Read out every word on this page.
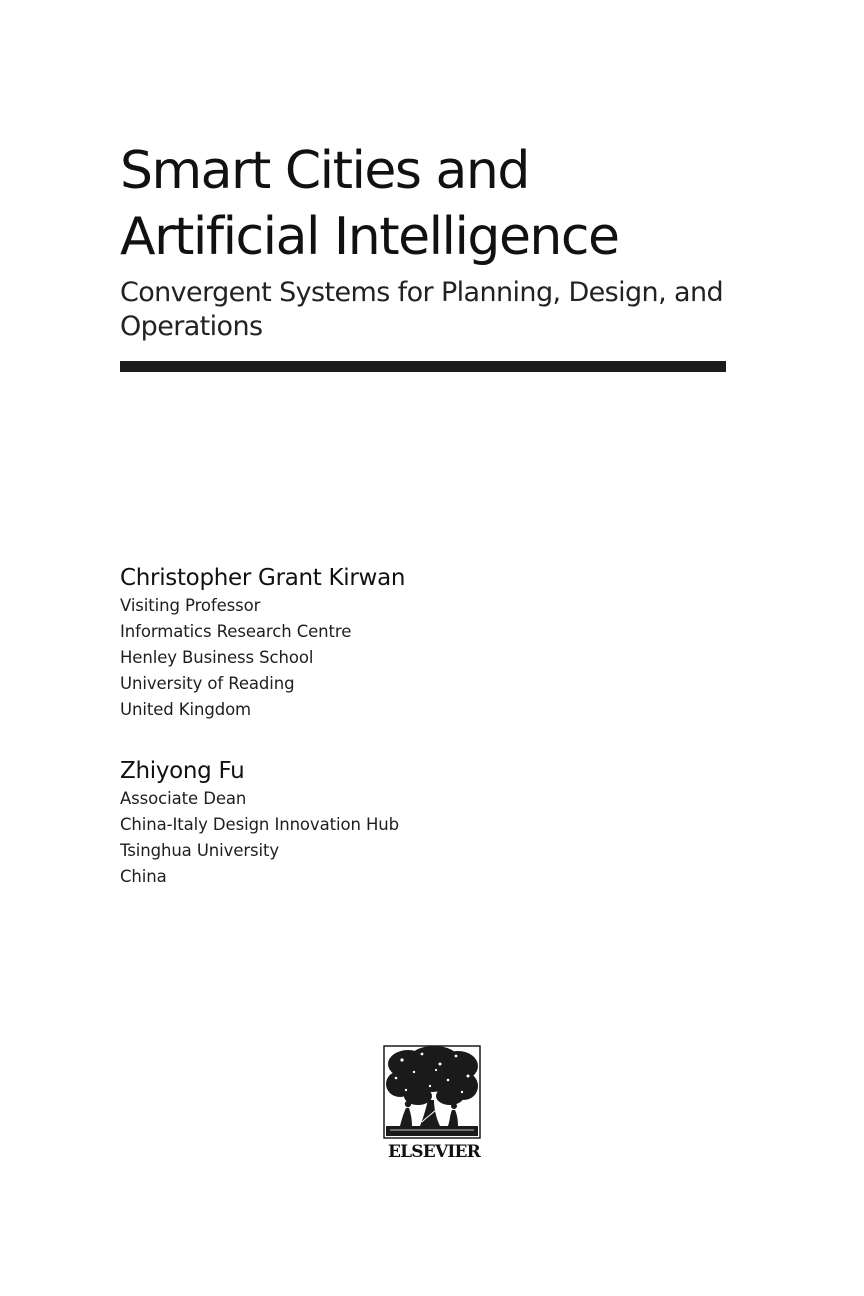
Smart Cities and
Artificial Intelligence
Convergent Systems for Planning, Design, and
Operations
Christopher Grant Kirwan
Visiting Professor
Informatics Research Centre
Henley Business School
University of Reading
United Kingdom
Zhiyong Fu
Associate Dean
China-Italy Design Innovation Hub
Tsinghua University
China
ELSEVIER
